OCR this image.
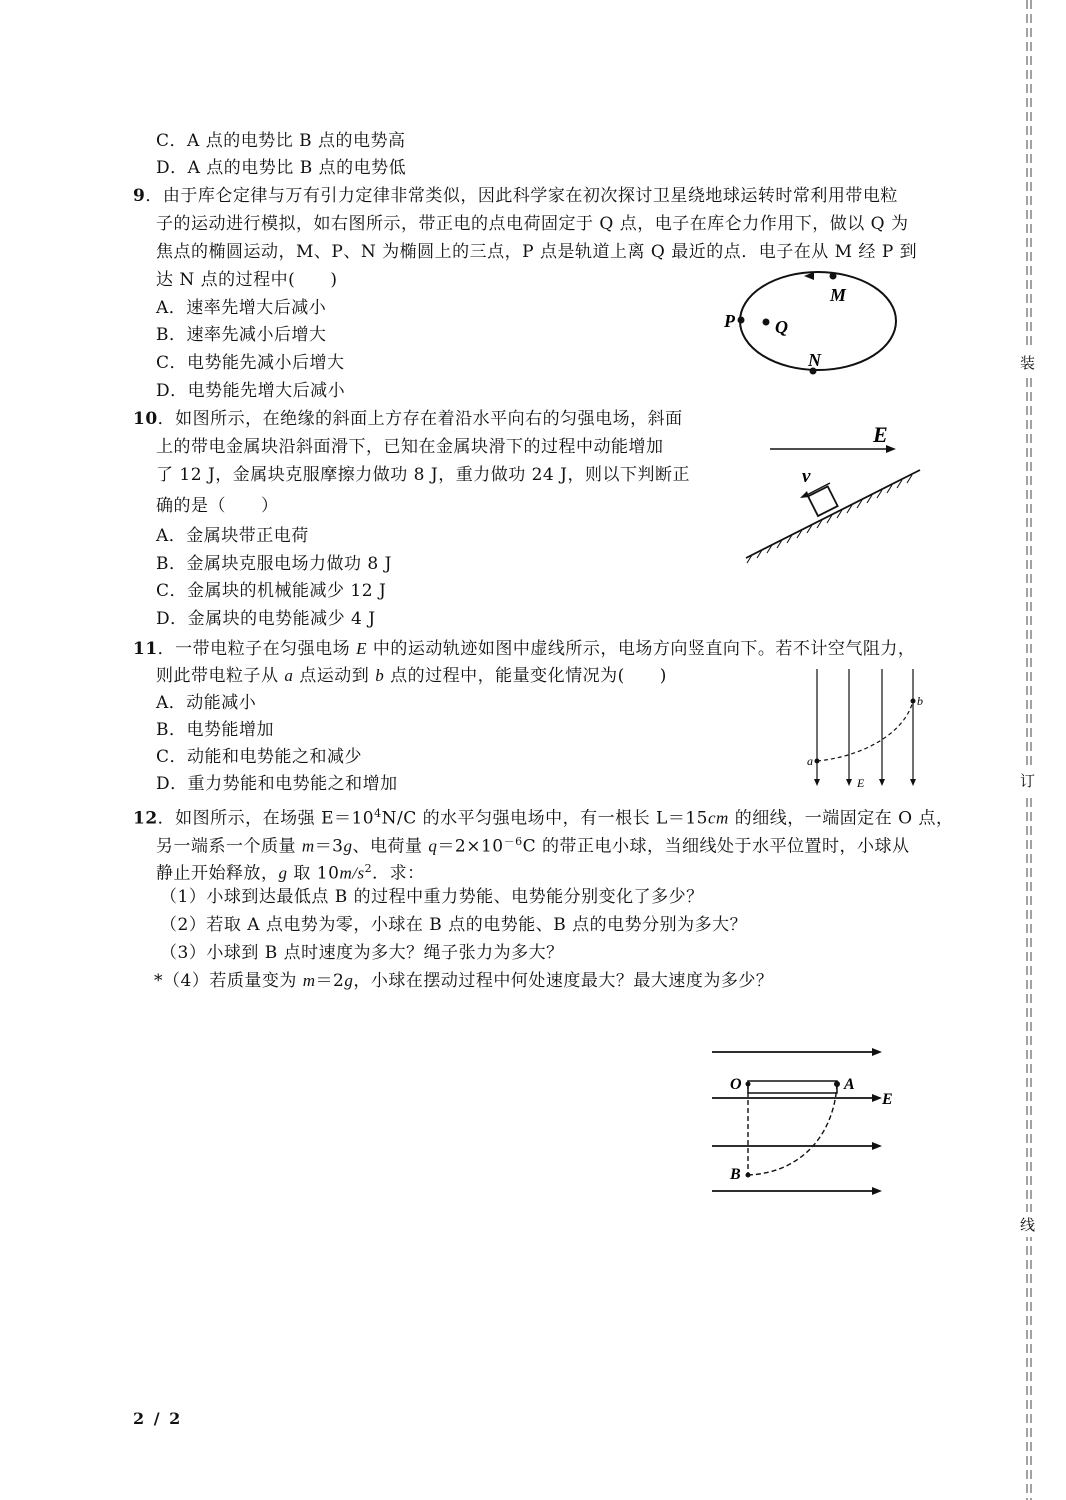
C．A 点的电势比 B 点的电势高
D．A 点的电势比 B 点的电势低
9．由于库仑定律与万有引力定律非常类似，因此科学家在初次探讨卫星绕地球运转时常利用带电粒
子的运动进行模拟，如右图所示，带正电的点电荷固定于 Q 点，电子在库仑力作用下，做以 Q 为
焦点的椭圆运动，M、P、N 为椭圆上的三点，P 点是轨道上离 Q 最近的点．电子在从 M 经 P 到
达 N 点的过程中(　　)
A．速率先增大后减小
B．速率先减小后增大
C．电势能先减小后增大
D．电势能先增大后减小
M
P Q
N
10．如图所示，在绝缘的斜面上方存在着沿水平向右的匀强电场，斜面
上的带电金属块沿斜面滑下，已知在金属块滑下的过程中动能增加
了 12 J，金属块克服摩擦力做功 8 J，重力做功 24 J，则以下判断正
确的是（　　）
A．金属块带正电荷
B．金属块克服电场力做功 8 J
C．金属块的机械能减少 12 J
D．金属块的电势能减少 4 J
E
v
11．一带电粒子在匀强电场 E 中的运动轨迹如图中虚线所示，电场方向竖直向下。若不计空气阻力，
则此带电粒子从 a 点运动到 b 点的过程中，能量变化情况为(　　)
A．动能减小
B．电势能增加
C．动能和电势能之和减少
D．重力势能和电势能之和增加
a
b
E
12．如图所示，在场强 $E=10^4N/C$ 的水平匀强电场中，有一根长 L＝15cm 的细线，一端固定在 O 点，
另一端系一个质量 m＝3g、电荷量 $q=2\times 10^{-6}C$ 的带正电小球，当细线处于水平位置时，小球从
静止开始释放，g 取 $10m/s^2$．求：
（1）小球到达最低点 B 的过程中重力势能、电势能分别变化了多少？
（2）若取 A 点电势为零，小球在 B 点的电势能、B 点的电势分别为多大？
（3）小球到 B 点时速度为多大？绳子张力为多大？
*（4）若质量变为 m＝2g，小球在摆动过程中何处速度最大？最大速度为多少？
O	A
B
E
装
订
线
2 / 2
